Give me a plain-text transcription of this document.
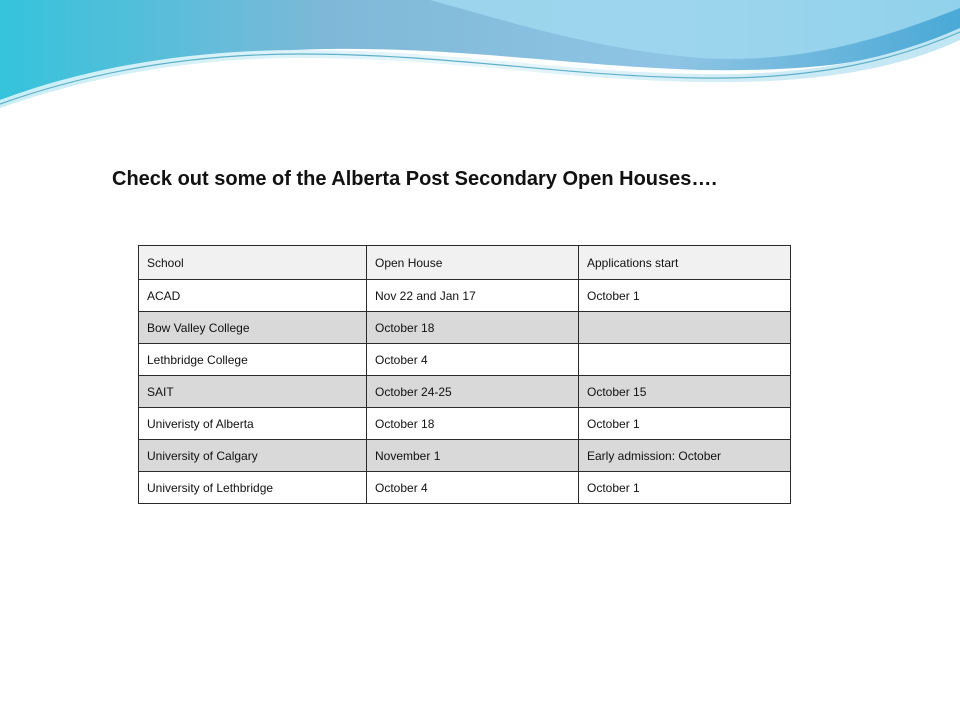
Check out some of the Alberta Post Secondary Open Houses….
School	Open House	Applications start
ACAD	Nov 22 and Jan 17	October 1
Bow Valley College	October 18	
Lethbridge College	October 4	
SAIT	October 24-25	October 15
Univeristy of Alberta	October 18	October 1
University of Calgary	November 1	Early admission: October
University of Lethbridge	October 4	October 1
